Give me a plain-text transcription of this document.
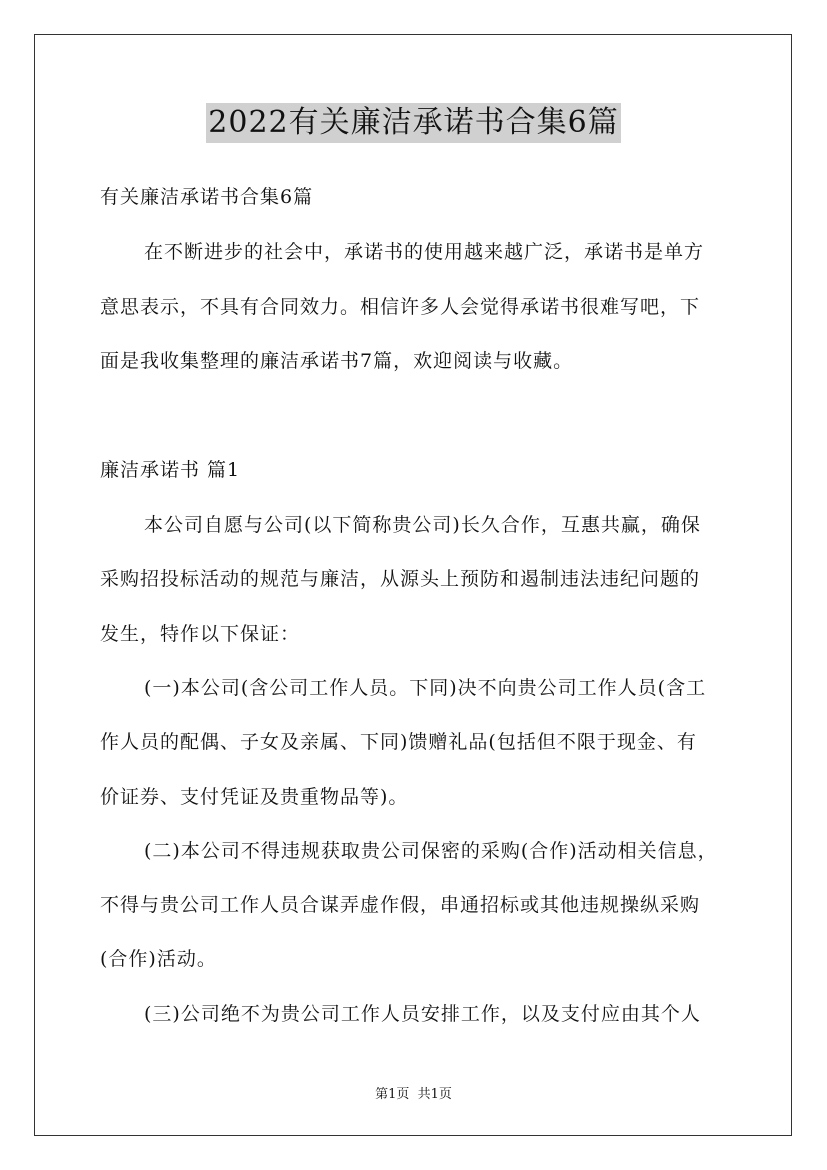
2022有关廉洁承诺书合集6篇
有关廉洁承诺书合集6篇
在不断进步的社会中，承诺书的使用越来越广泛，承诺书是单方
意思表示，不具有合同效力。相信许多人会觉得承诺书很难写吧，下
面是我收集整理的廉洁承诺书7篇，欢迎阅读与收藏。
廉洁承诺书 篇1
本公司自愿与公司(以下简称贵公司)长久合作，互惠共赢，确保
采购招投标活动的规范与廉洁，从源头上预防和遏制违法违纪问题的
发生，特作以下保证：
(一)本公司(含公司工作人员。下同)决不向贵公司工作人员(含工
作人员的配偶、子女及亲属、下同)馈赠礼品(包括但不限于现金、有
价证券、支付凭证及贵重物品等)。
(二)本公司不得违规获取贵公司保密的采购(合作)活动相关信息，
不得与贵公司工作人员合谋弄虚作假，串通招标或其他违规操纵采购
(合作)活动。
(三)公司绝不为贵公司工作人员安排工作，以及支付应由其个人
第1页  共1页
